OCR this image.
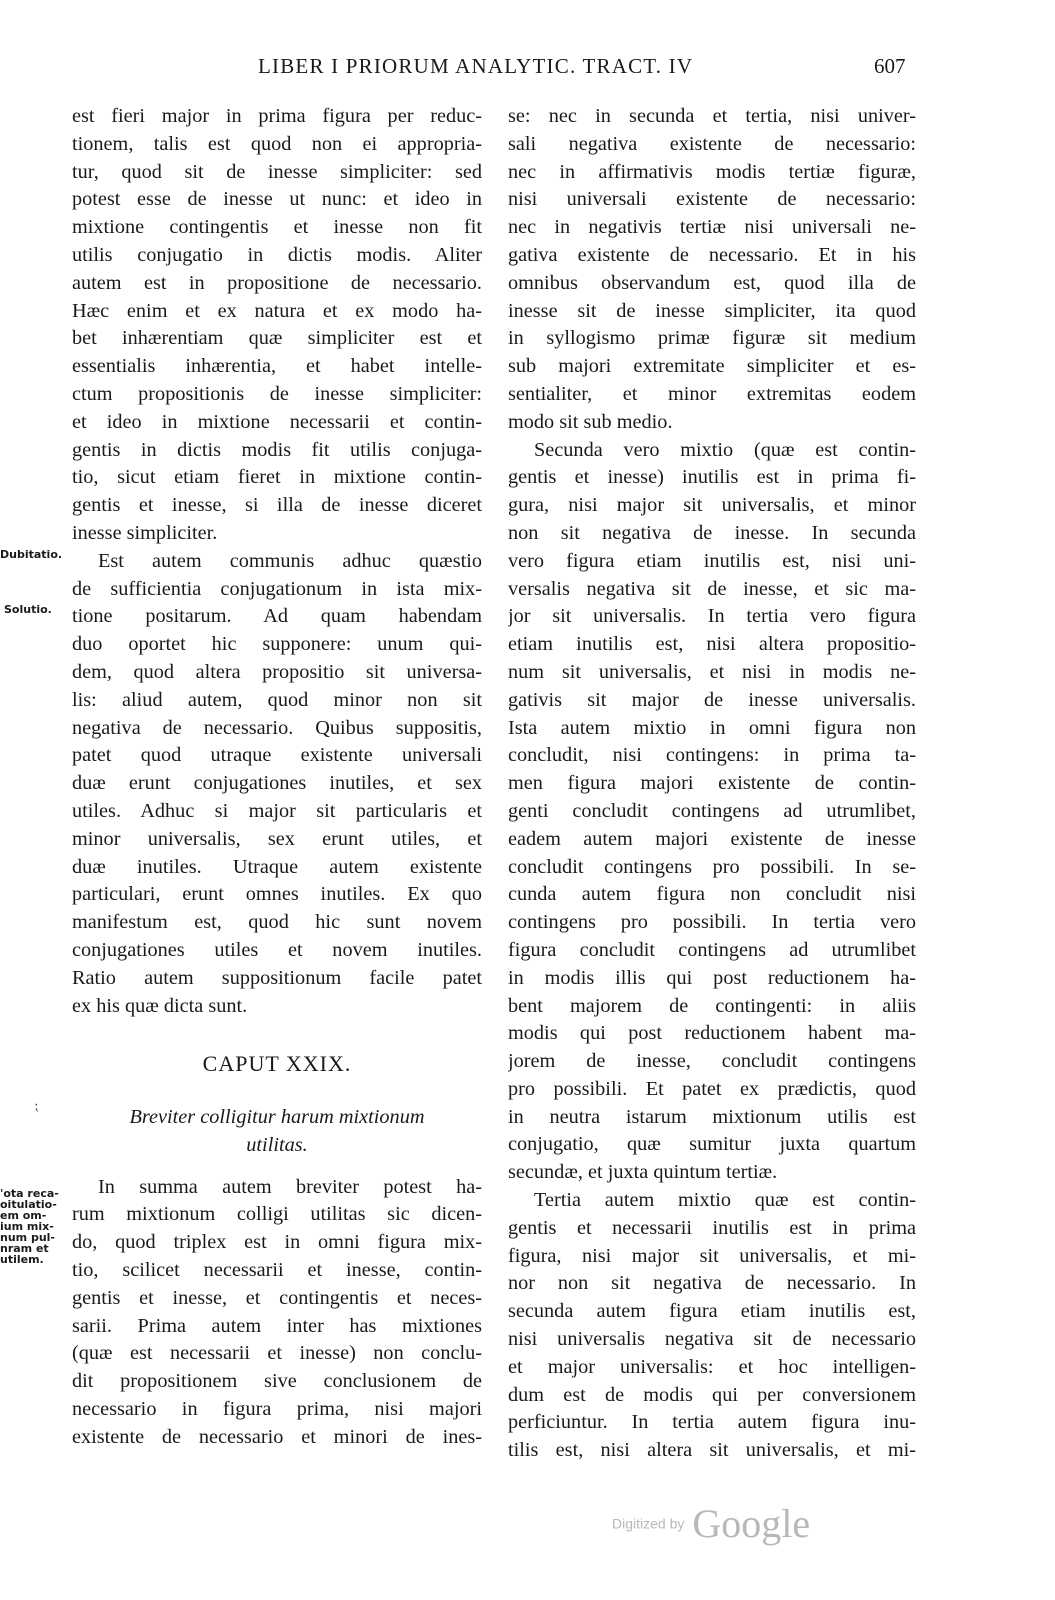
LIBER I PRIORUM ANALYTIC. TRACT. IV	607
Dubitatio.
Solutio.
'ota reca-
oitulatio-
em om-
ium mix-
num pul-
nram et
utilem.
⁏
est fieri major in prima figura per reduc-
tionem, talis est quod non ei appropria-
tur, quod sit de inesse simpliciter: sed
potest esse de inesse ut nunc: et ideo in
mixtione contingentis et inesse non fit
utilis conjugatio in dictis modis. Aliter
autem est in propositione de necessario.
Hæc enim et ex natura et ex modo ha-
bet inhærentiam quæ simpliciter est et
essentialis inhærentia, et habet intelle-
ctum propositionis de inesse simpliciter:
et ideo in mixtione necessarii et contin-
gentis in dictis modis fit utilis conjuga-
tio, sicut etiam fieret in mixtione contin-
gentis et inesse, si illa de inesse diceret
inesse simpliciter.
Est autem communis adhuc quæstio
de sufficientia conjugationum in ista mix-
tione positarum. Ad quam habendam
duo oportet hic supponere: unum qui-
dem, quod altera propositio sit universa-
lis: aliud autem, quod minor non sit
negativa de necessario. Quibus suppositis,
patet quod utraque existente universali
duæ erunt conjugationes inutiles, et sex
utiles. Adhuc si major sit particularis et
minor universalis, sex erunt utiles, et
duæ inutiles. Utraque autem existente
particulari, erunt omnes inutiles. Ex quo
manifestum est, quod hic sunt novem
conjugationes utiles et novem inutiles.
Ratio autem suppositionum facile patet
ex his quæ dicta sunt.
CAPUT XXIX.
Breviter colligitur harum mixtionum
utilitas.
In summa autem breviter potest ha-
rum mixtionum colligi utilitas sic dicen-
do, quod triplex est in omni figura mix-
tio, scilicet necessarii et inesse, contin-
gentis et inesse, et contingentis et neces-
sarii. Prima autem inter has mixtiones
(quæ est necessarii et inesse) non conclu-
dit propositionem sive conclusionem de
necessario in figura prima, nisi majori
existente de necessario et minori de ines-
se: nec in secunda et tertia, nisi univer-
sali negativa existente de necessario:
nec in affirmativis modis tertiæ figuræ,
nisi universali existente de necessario:
nec in negativis tertiæ nisi universali ne-
gativa existente de necessario. Et in his
omnibus observandum est, quod illa de
inesse sit de inesse simpliciter, ita quod
in syllogismo primæ figuræ sit medium
sub majori extremitate simpliciter et es-
sentialiter, et minor extremitas eodem
modo sit sub medio.
Secunda vero mixtio (quæ est contin-
gentis et inesse) inutilis est in prima fi-
gura, nisi major sit universalis, et minor
non sit negativa de inesse. In secunda
vero figura etiam inutilis est, nisi uni-
versalis negativa sit de inesse, et sic ma-
jor sit universalis. In tertia vero figura
etiam inutilis est, nisi altera propositio-
num sit universalis, et nisi in modis ne-
gativis sit major de inesse universalis.
Ista autem mixtio in omni figura non
concludit, nisi contingens: in prima ta-
men figura majori existente de contin-
genti concludit contingens ad utrumlibet,
eadem autem majori existente de inesse
concludit contingens pro possibili. In se-
cunda autem figura non concludit nisi
contingens pro possibili. In tertia vero
figura concludit contingens ad utrumlibet
in modis illis qui post reductionem ha-
bent majorem de contingenti: in aliis
modis qui post reductionem habent ma-
jorem de inesse, concludit contingens
pro possibili. Et patet ex prædictis, quod
in neutra istarum mixtionum utilis est
conjugatio, quæ sumitur juxta quartum
secundæ, et juxta quintum tertiæ.
Tertia autem mixtio quæ est contin-
gentis et necessarii inutilis est in prima
figura, nisi major sit universalis, et mi-
nor non sit negativa de necessario. In
secunda autem figura etiam inutilis est,
nisi universalis negativa sit de necessario
et major universalis: et hoc intelligen-
dum est de modis qui per conversionem
perficiuntur. In tertia autem figura inu-
tilis est, nisi altera sit universalis, et mi-
Digitized by Google
